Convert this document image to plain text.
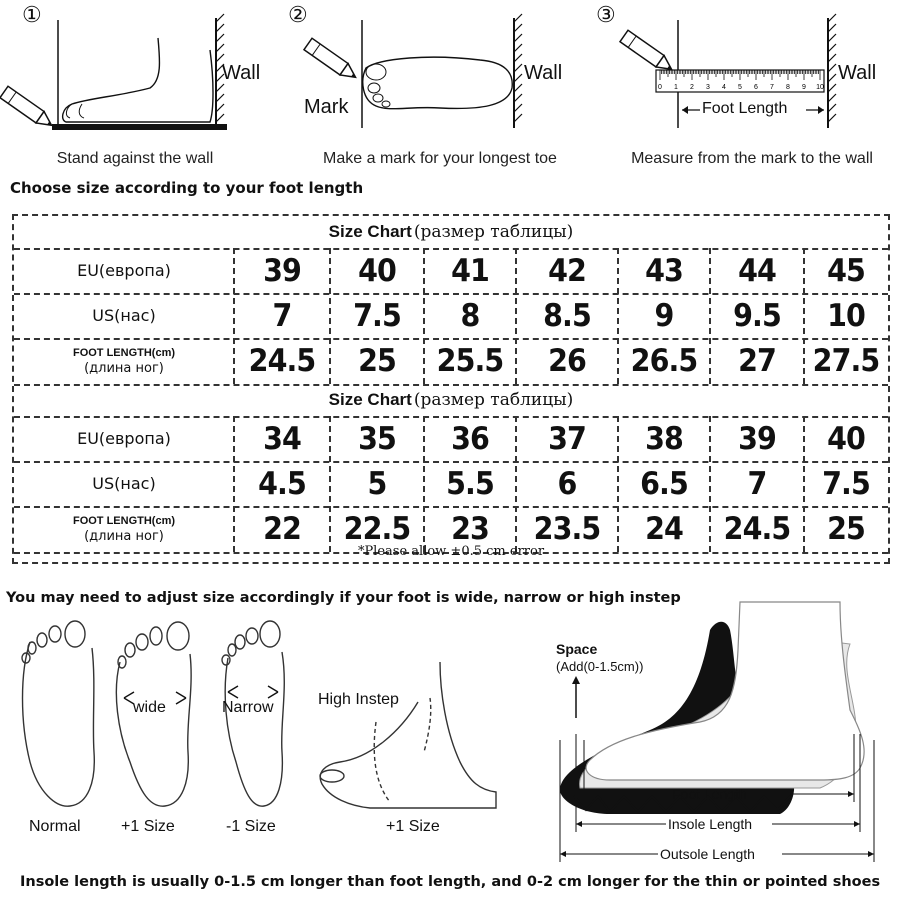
①
Wall
Stand against the wall
②
Mark
Wall
Make a mark for your longest toe
③
0 1 2 3 4 5 6 7 8 9 10
Foot Length
Wall
Measure from the mark to the wall
Choose size according to your foot length
Size Chart (размер таблицы)
EU(европа)	39	40	41	42	43	44	45
US(нас)	7	7.5	8	8.5	9	9.5	10
FOOT LENGTH(cm)
(длина ног)	24.5	25	25.5	26	26.5	27	27.5
Size Chart (размер таблицы)
EU(европа)	34	35	36	37	38	39	40
US(нас)	4.5	5	5.5	6	6.5	7	7.5
FOOT LENGTH(cm)
(длина ног)	22	22.5	23	23.5	24	24.5	25
*Please allow ±0.5 cm error
You may need to adjust size accordingly if your foot is wide, narrow or high instep
wide	Narrow	High Instep
Normal	+1 Size	-1 Size	+1 Size
Space
(Add(0-1.5cm))
Foot Length
Insole Length
Outsole Length
Insole length is usually 0-1.5 cm longer than foot length, and 0-2 cm longer for the thin or pointed shoes
